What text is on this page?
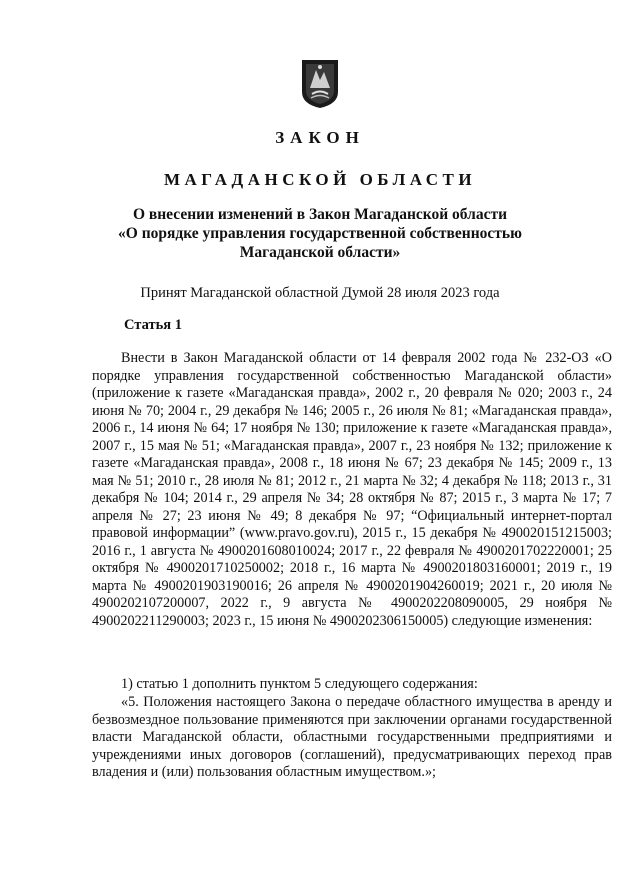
ЗАКОН
МАГАДАНСКОЙ ОБЛАСТИ
О внесении изменений в Закон Магаданской области
«О порядке управления государственной собственностью
Магаданской области»
Принят Магаданской областной Думой 28 июля 2023 года
Статья 1

Внести в Закон Магаданской области от 14 февраля 2002 года № 232-ОЗ «О порядке управления государственной собственностью Магаданской области» (приложение к газете «Магаданская правда», 2002 г., 20 февраля № 020; 2003 г., 24 июня № 70; 2004 г., 29 декабря № 146; 2005 г., 26 июля № 81; «Магаданская правда», 2006 г., 14 июня № 64; 17 ноября № 130; приложение к газете «Магаданская правда», 2007 г., 15 мая № 51; «Магаданская правда», 2007 г., 23 ноября № 132; приложение к газете «Магаданская правда», 2008 г., 18 июня № 67; 23 декабря № 145; 2009 г., 13 мая № 51; 2010 г., 28 июля № 81; 2012 г., 21 марта № 32; 4 декабря № 118; 2013 г., 31 декабря № 104; 2014 г., 29 апреля № 34; 28 октября № 87; 2015 г., 3 марта № 17; 7 апреля № 27; 23 июня № 49; 8 декабря № 97; “Официальный интернет-портал правовой информации” (www.pravo.gov.ru), 2015 г., 15 декабря № 490020151215003; 2016 г., 1 августа № 4900201608010024; 2017 г., 22 февраля № 4900201702220001; 25 октября № 4900201710250002; 2018 г., 16 марта № 4900201803160001; 2019 г., 19 марта № 4900201903190016; 26 апреля № 4900201904260019; 2021 г., 20 июля № 4900202107200007, 2022 г., 9 августа № 4900202208090005, 29 ноября № 4900202211290003; 2023 г., 15 июня № 4900202306150005) следующие изменения:

1) статью 1 дополнить пунктом 5 следующего содержания:

«5. Положения настоящего Закона о передаче областного имущества в аренду и безвозмездное пользование применяются при заключении органами государственной власти Магаданской области, областными государственными предприятиями и учреждениями иных договоров (соглашений), предусматривающих переход прав владения и (или) пользования областным имуществом.»;
